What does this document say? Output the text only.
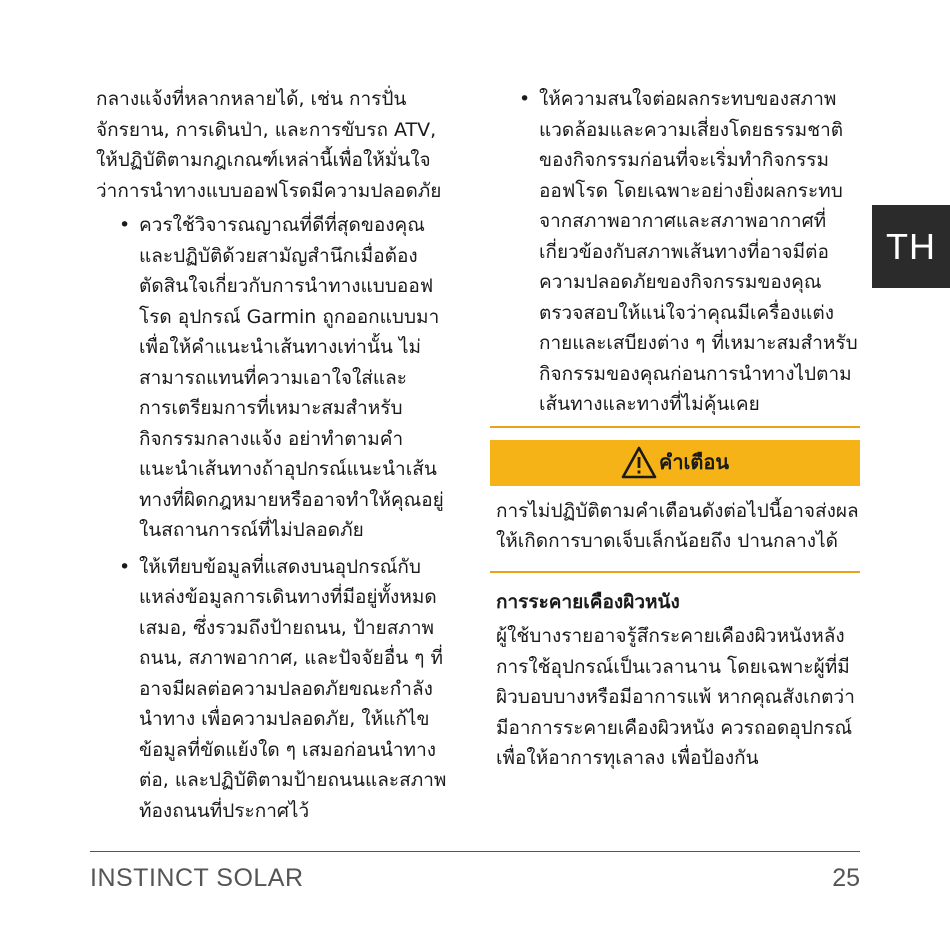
กลางแจ้งที่หลากหลายได้, เช่น การปั่นจักรยาน, การเดินป่า, และการขับรถ ATV, ให้ปฏิบัติตามกฎเกณฑ์เหล่านี้เพื่อให้มั่นใจว่าการนำทางแบบออฟโรดมีความปลอดภัย

• ควรใช้วิจารณญาณที่ดีที่สุดของคุณและปฏิบัติด้วยสามัญสำนึกเมื่อต้องตัดสินใจเกี่ยวกับการนำทางแบบออฟโรด อุปกรณ์ Garmin ถูกออกแบบมาเพื่อให้คำแนะนำเส้นทางเท่านั้น ไม่สามารถแทนที่ความเอาใจใส่และการเตรียมการที่เหมาะสมสำหรับกิจกรรมกลางแจ้ง อย่าทำตามคำแนะนำเส้นทางถ้าอุปกรณ์แนะนำเส้นทางที่ผิดกฎหมายหรืออาจทำให้คุณอยู่ในสถานการณ์ที่ไม่ปลอดภัย
• ให้เทียบข้อมูลที่แสดงบนอุปกรณ์กับแหล่งข้อมูลการเดินทางที่มีอยู่ทั้งหมดเสมอ, ซึ่งรวมถึงป้ายถนน, ป้ายสภาพถนน, สภาพอากาศ, และปัจจัยอื่น ๆ ที่อาจมีผลต่อความปลอดภัยขณะกำลังนำทาง เพื่อความปลอดภัย, ให้แก้ไขข้อมูลที่ขัดแย้งใด ๆ เสมอก่อนนำทางต่อ, และปฏิบัติตามป้ายถนนและสภาพท้องถนนที่ประกาศไว้
• ให้ความสนใจต่อผลกระทบของสภาพแวดล้อมและความเสี่ยงโดยธรรมชาติของกิจกรรมก่อนที่จะเริ่มทำกิจกรรมออฟโรด โดยเฉพาะอย่างยิ่งผลกระทบจากสภาพอากาศและสภาพอากาศที่เกี่ยวข้องกับสภาพเส้นทางที่อาจมีต่อความปลอดภัยของกิจกรรมของคุณ ตรวจสอบให้แน่ใจว่าคุณมีเครื่องแต่งกายและเสบียงต่าง ๆ ที่เหมาะสมสำหรับกิจกรรมของคุณก่อนการนำทางไปตามเส้นทางและทางที่ไม่คุ้นเคย
คำเตือน

การไม่ปฏิบัติตามคำเตือนดังต่อไปนี้อาจส่งผลให้เกิดการบาดเจ็บเล็กน้อยถึง ปานกลางได้

การระคายเคืองผิวหนัง

ผู้ใช้บางรายอาจรู้สึกระคายเคืองผิวหนังหลังการใช้อุปกรณ์เป็นเวลานาน โดยเฉพาะผู้ที่มีผิวบอบบางหรือมีอาการแพ้ หากคุณสังเกตว่ามีอาการระคายเคืองผิวหนัง ควรถอดอุปกรณ์เพื่อให้อาการทุเลาลง เพื่อป้องกัน

TH
INSTINCT SOLAR	25
